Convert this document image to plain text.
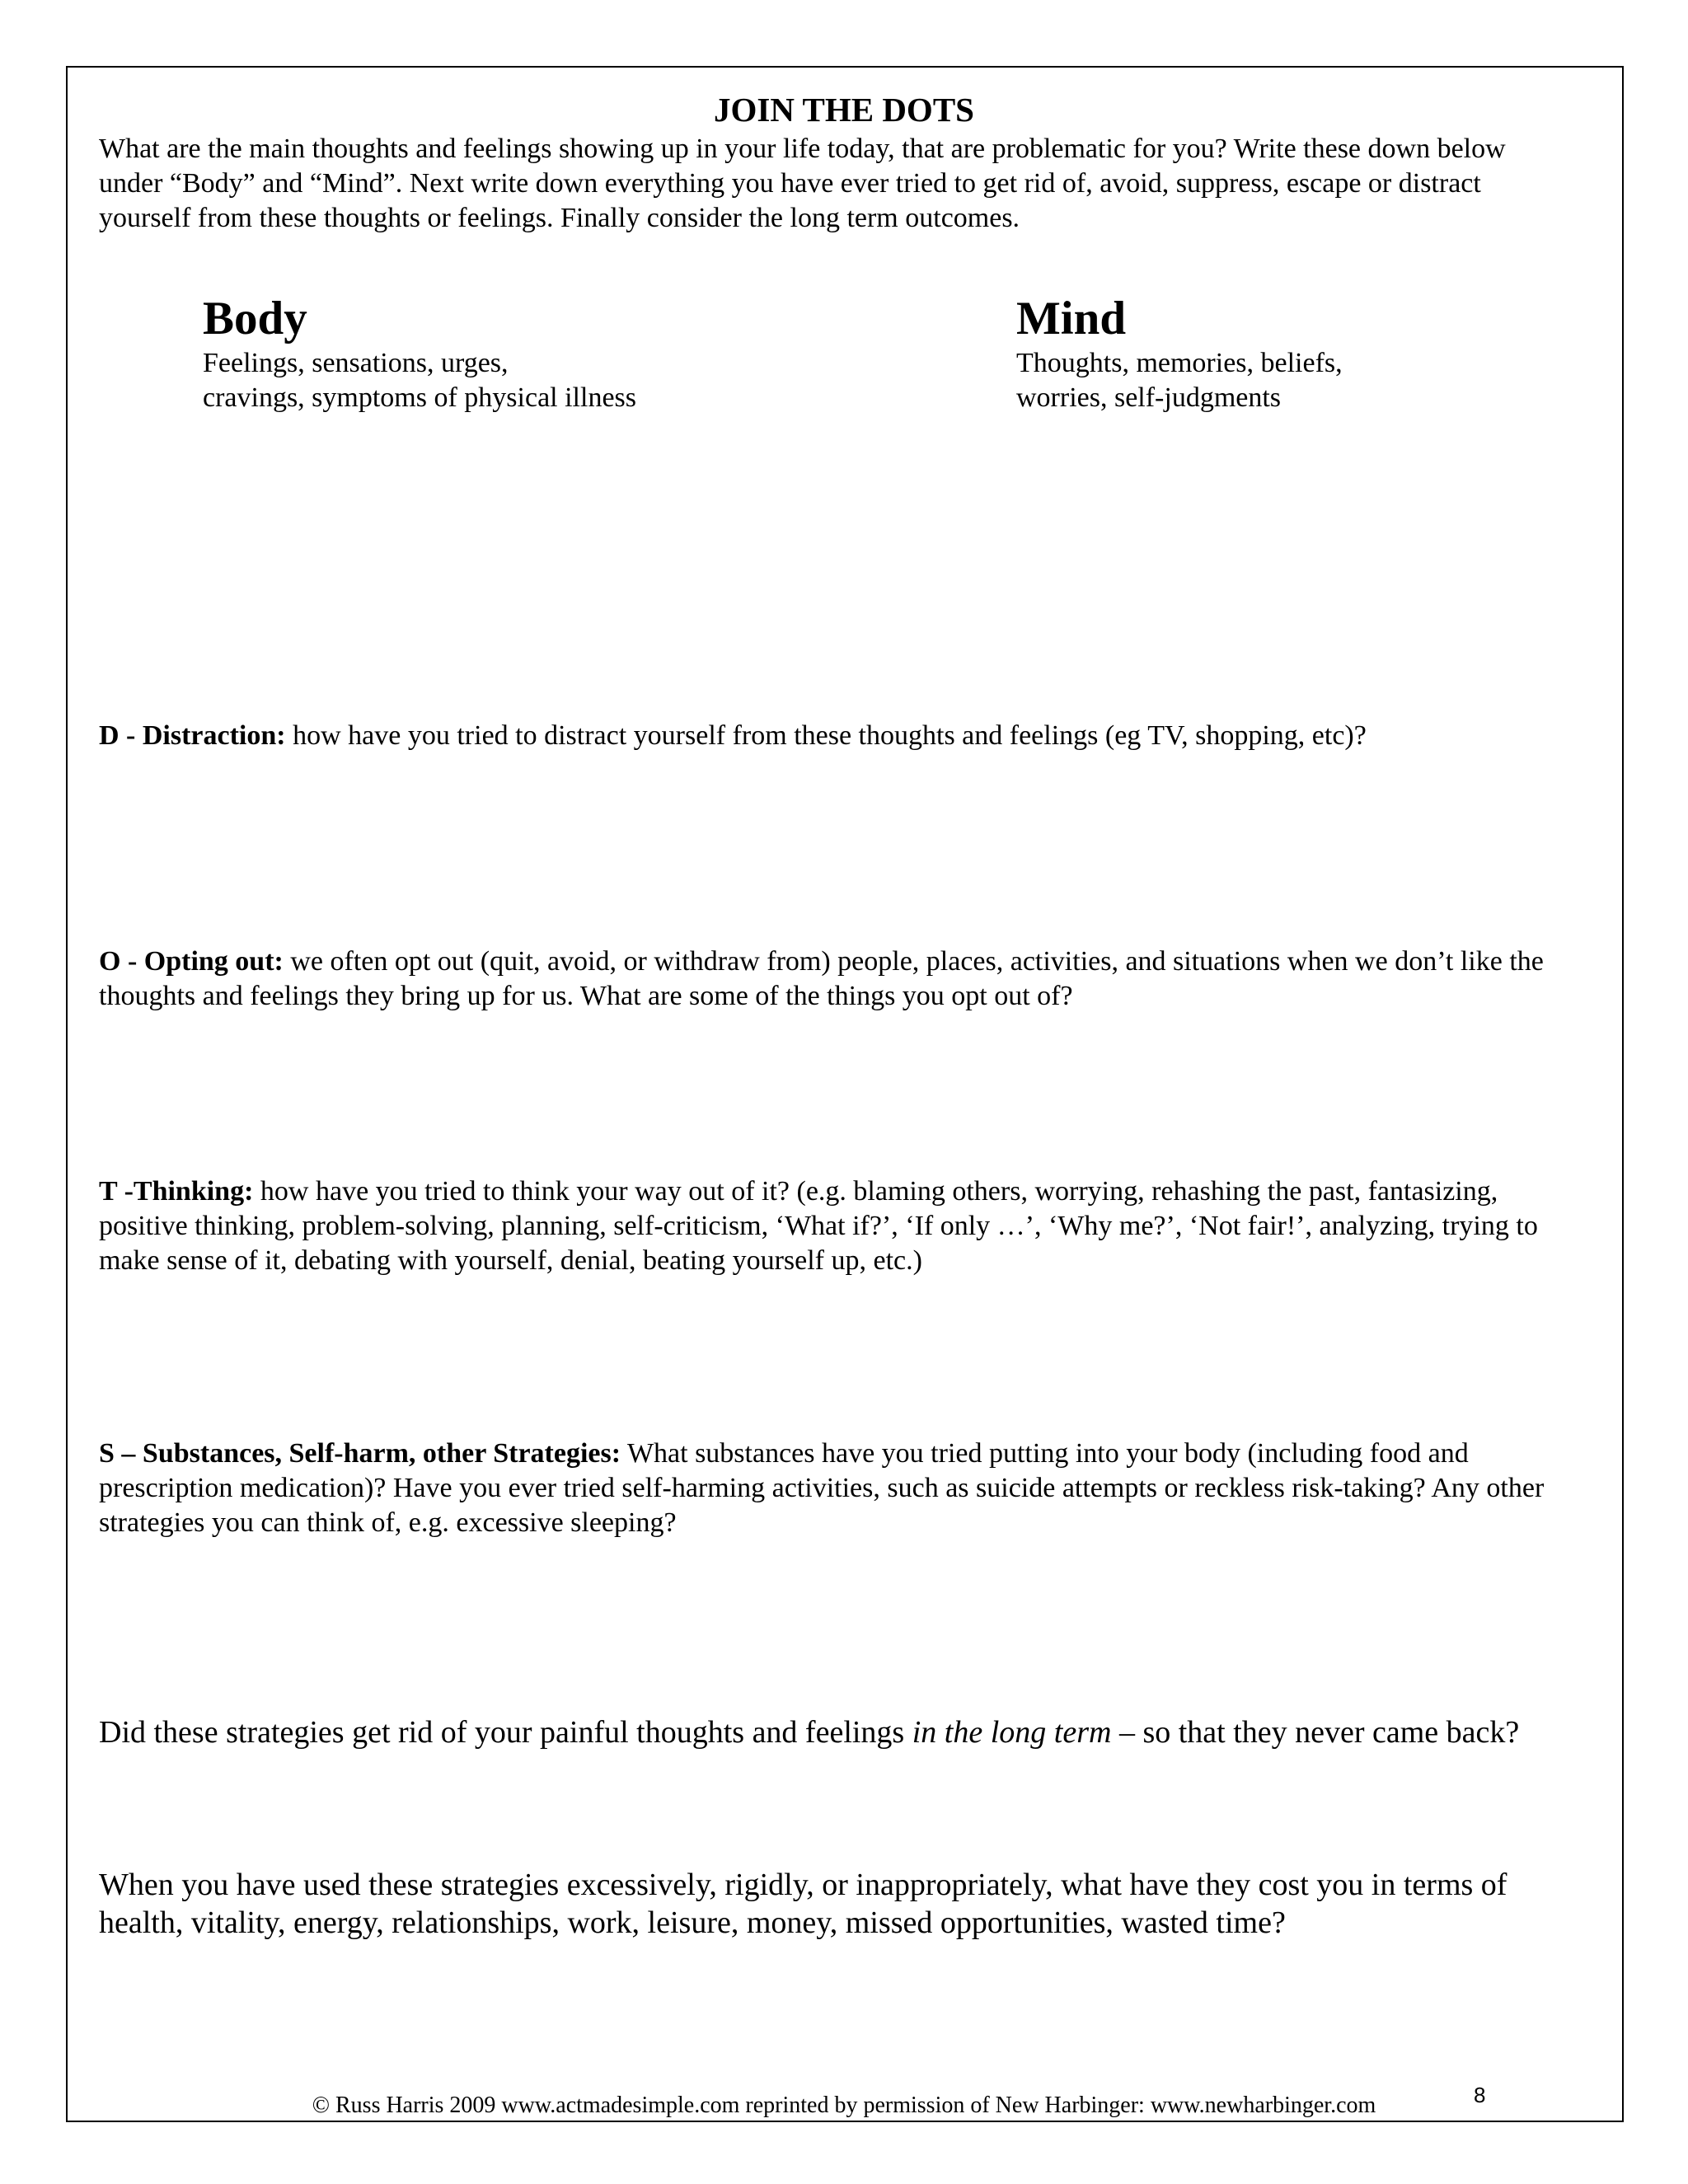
JOIN THE DOTS
What are the main thoughts and feelings showing up in your life today, that are problematic for you? Write these down below under “Body” and “Mind”. Next write down everything you have ever tried to get rid of, avoid, suppress, escape or distract yourself from these thoughts or feelings. Finally consider the long term outcomes.
Body
Feelings, sensations, urges,
cravings, symptoms of physical illness
Mind
Thoughts, memories, beliefs,
worries, self-judgments
D - Distraction: how have you tried to distract yourself from these thoughts and feelings (eg TV, shopping, etc)?
O - Opting out: we often opt out (quit, avoid, or withdraw from) people, places, activities, and situations when we don’t like the thoughts and feelings they bring up for us. What are some of the things you opt out of?
T -Thinking: how have you tried to think your way out of it? (e.g. blaming others, worrying, rehashing the past, fantasizing, positive thinking, problem-solving, planning, self-criticism, ‘What if?’, ‘If only …’, ‘Why me?’, ‘Not fair!’, analyzing, trying to make sense of it, debating with yourself, denial, beating yourself up, etc.)
S – Substances, Self-harm, other Strategies: What substances have you tried putting into your body (including food and prescription medication)? Have you ever tried self-harming activities, such as suicide attempts or reckless risk-taking? Any other strategies you can think of, e.g. excessive sleeping?
Did these strategies get rid of your painful thoughts and feelings in the long term – so that they never came back?
When you have used these strategies excessively, rigidly, or inappropriately, what have they cost you in terms of health, vitality, energy, relationships, work, leisure, money, missed opportunities, wasted time?
© Russ Harris 2009 www.actmadesimple.com reprinted by permission of New Harbinger: www.newharbinger.com	8
